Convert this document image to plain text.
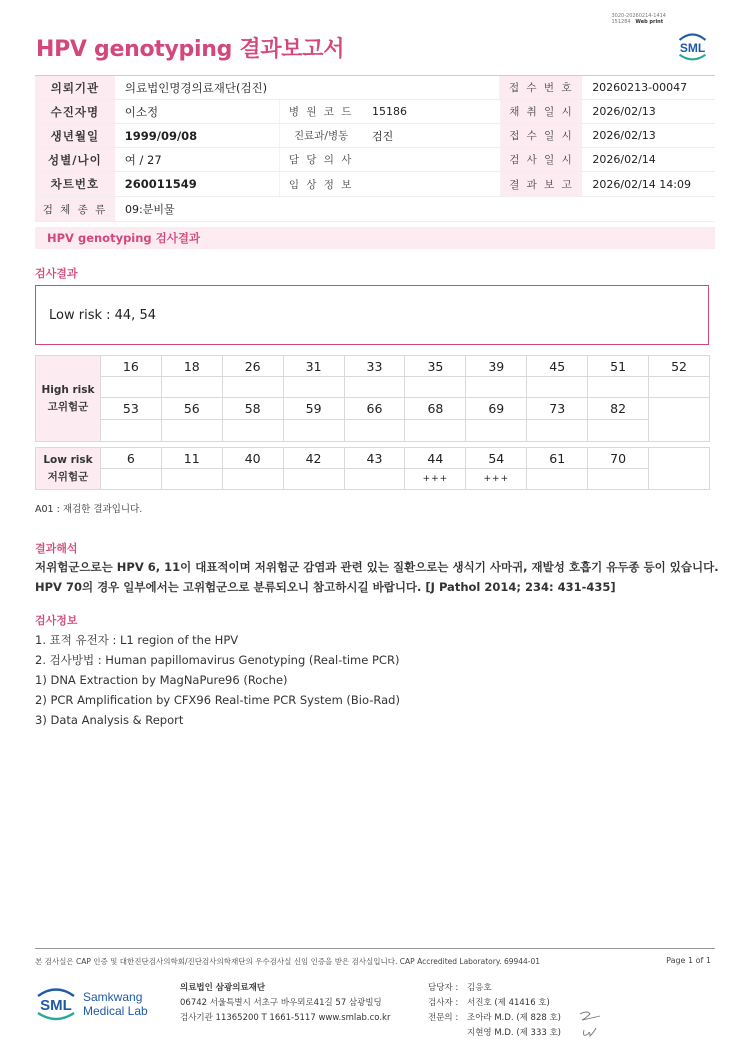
3020-20260214-1414
151284 Web print
HPV genotyping 결과보고서	SML
의뢰기관	의료법인명경의료재단(검진)	접 수 번 호	20260213-00047
수진자명	이소정	병 원 코 드	15186	채 취 일 시	2026/02/13
생년월일	1999/09/08	진료과/병동	검진	접 수 일 시	2026/02/13
성별/나이	여 / 27	담 당 의 사	검 사 일 시	2026/02/14
차트번호	260011549	임 상 정 보	결 과 보 고	2026/02/14 14:09
검 체 종 류	09:분비물
HPV genotyping 검사결과
검사결과
Low risk : 44, 54
High risk
고위험군	16	18	26	31	33	35	39	45	51	52

	53	56	58	59	66	68	69	73	82	

Low risk
저위험군	6	11	40	42	43	44	54	61	70	
						+++	+++			
A01 : 재검한 결과입니다.
결과해석
저위험군으로는 HPV 6, 11이 대표적이며 저위험군 감염과 관련 있는 질환으로는 생식기 사마귀, 재발성 호흡기 유두종 등이 있습니다.
HPV 70의 경우 일부에서는 고위험군으로 분류되오니 참고하시길 바랍니다. [J Pathol 2014; 234: 431-435]
검사정보
1. 표적 유전자 : L1 region of the HPV
2. 검사방법 : Human papillomavirus Genotyping (Real-time PCR)
1) DNA Extraction by MagNaPure96 (Roche)
2) PCR Amplification by CFX96 Real-time PCR System (Bio-Rad)
3) Data Analysis & Report
본 검사실은 CAP 인증 및 대한진단검사의학회/진단검사의학재단의 우수검사실 신임 인증을 받은 검사실입니다. CAP Accredited Laboratory. 69944-01	Page 1 of 1
SML Samkwang
Medical Lab
의료법인 삼광의료재단
06742 서울특별시 서초구 바우뫼로41길 57 삼광빌딩
검사기관 11365200 T 1661-5117 www.smlab.co.kr
담당자 :	김응호
검사자 :	서진호 (제 41416 호)
전문의 :	조아라 M.D. (제 828 호)
지현영 M.D. (제 333 호)
